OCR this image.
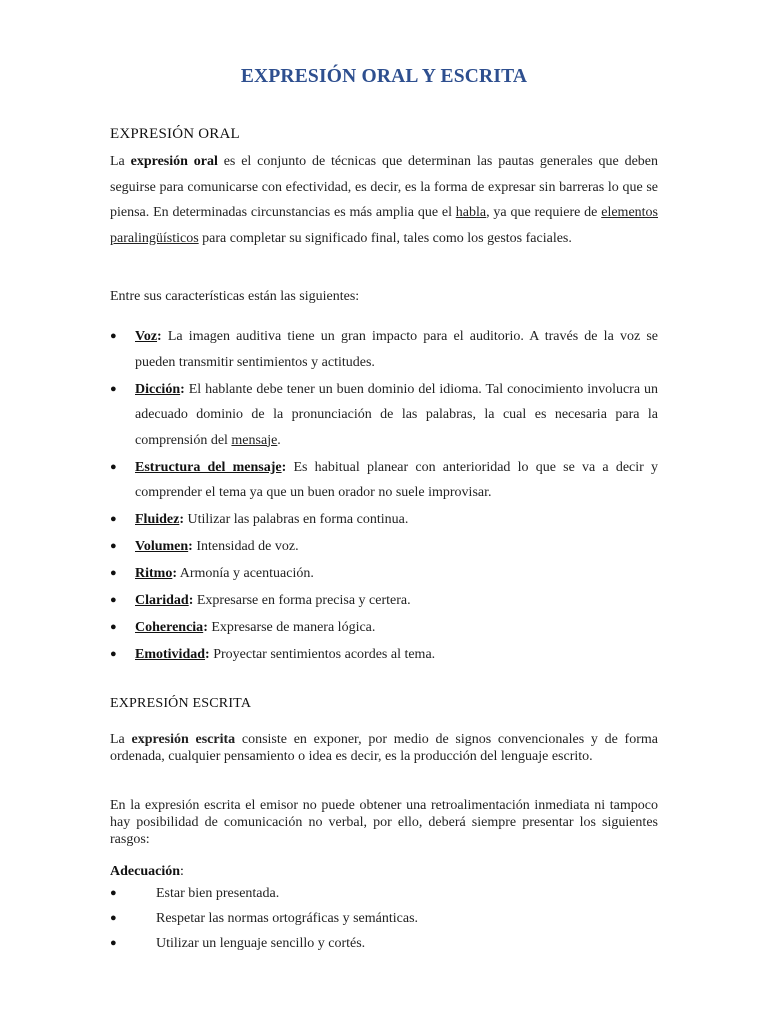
EXPRESIÓN ORAL Y ESCRITA
EXPRESIÓN ORAL
La expresión oral es el conjunto de técnicas que determinan las pautas generales que deben seguirse para comunicarse con efectividad, es decir, es la forma de expresar sin barreras lo que se piensa. En determinadas circunstancias es más amplia que el habla, ya que requiere de elementos paralingüísticos para completar su significado final, tales como los gestos faciales.
Entre sus características están las siguientes:
● Voz: La imagen auditiva tiene un gran impacto para el auditorio. A través de la voz se pueden transmitir sentimientos y actitudes.
● Dicción: El hablante debe tener un buen dominio del idioma. Tal conocimiento involucra un adecuado dominio de la pronunciación de las palabras, la cual es necesaria para la comprensión del mensaje.
● Estructura del mensaje: Es habitual planear con anterioridad lo que se va a decir y comprender el tema ya que un buen orador no suele improvisar.
● Fluidez: Utilizar las palabras en forma continua.
● Volumen: Intensidad de voz.
● Ritmo: Armonía y acentuación.
● Claridad: Expresarse en forma precisa y certera.
● Coherencia: Expresarse de manera lógica.
● Emotividad: Proyectar sentimientos acordes al tema.
EXPRESIÓN ESCRITA
La expresión escrita consiste en exponer, por medio de signos convencionales y de forma ordenada, cualquier pensamiento o idea es decir, es la producción del lenguaje escrito.
En la expresión escrita el emisor no puede obtener una retroalimentación inmediata ni tampoco hay posibilidad de comunicación no verbal, por ello, deberá siempre presentar los siguientes rasgos:
Adecuación:
●	Estar bien presentada.
●	Respetar las normas ortográficas y semánticas.
●	Utilizar un lenguaje sencillo y cortés.
